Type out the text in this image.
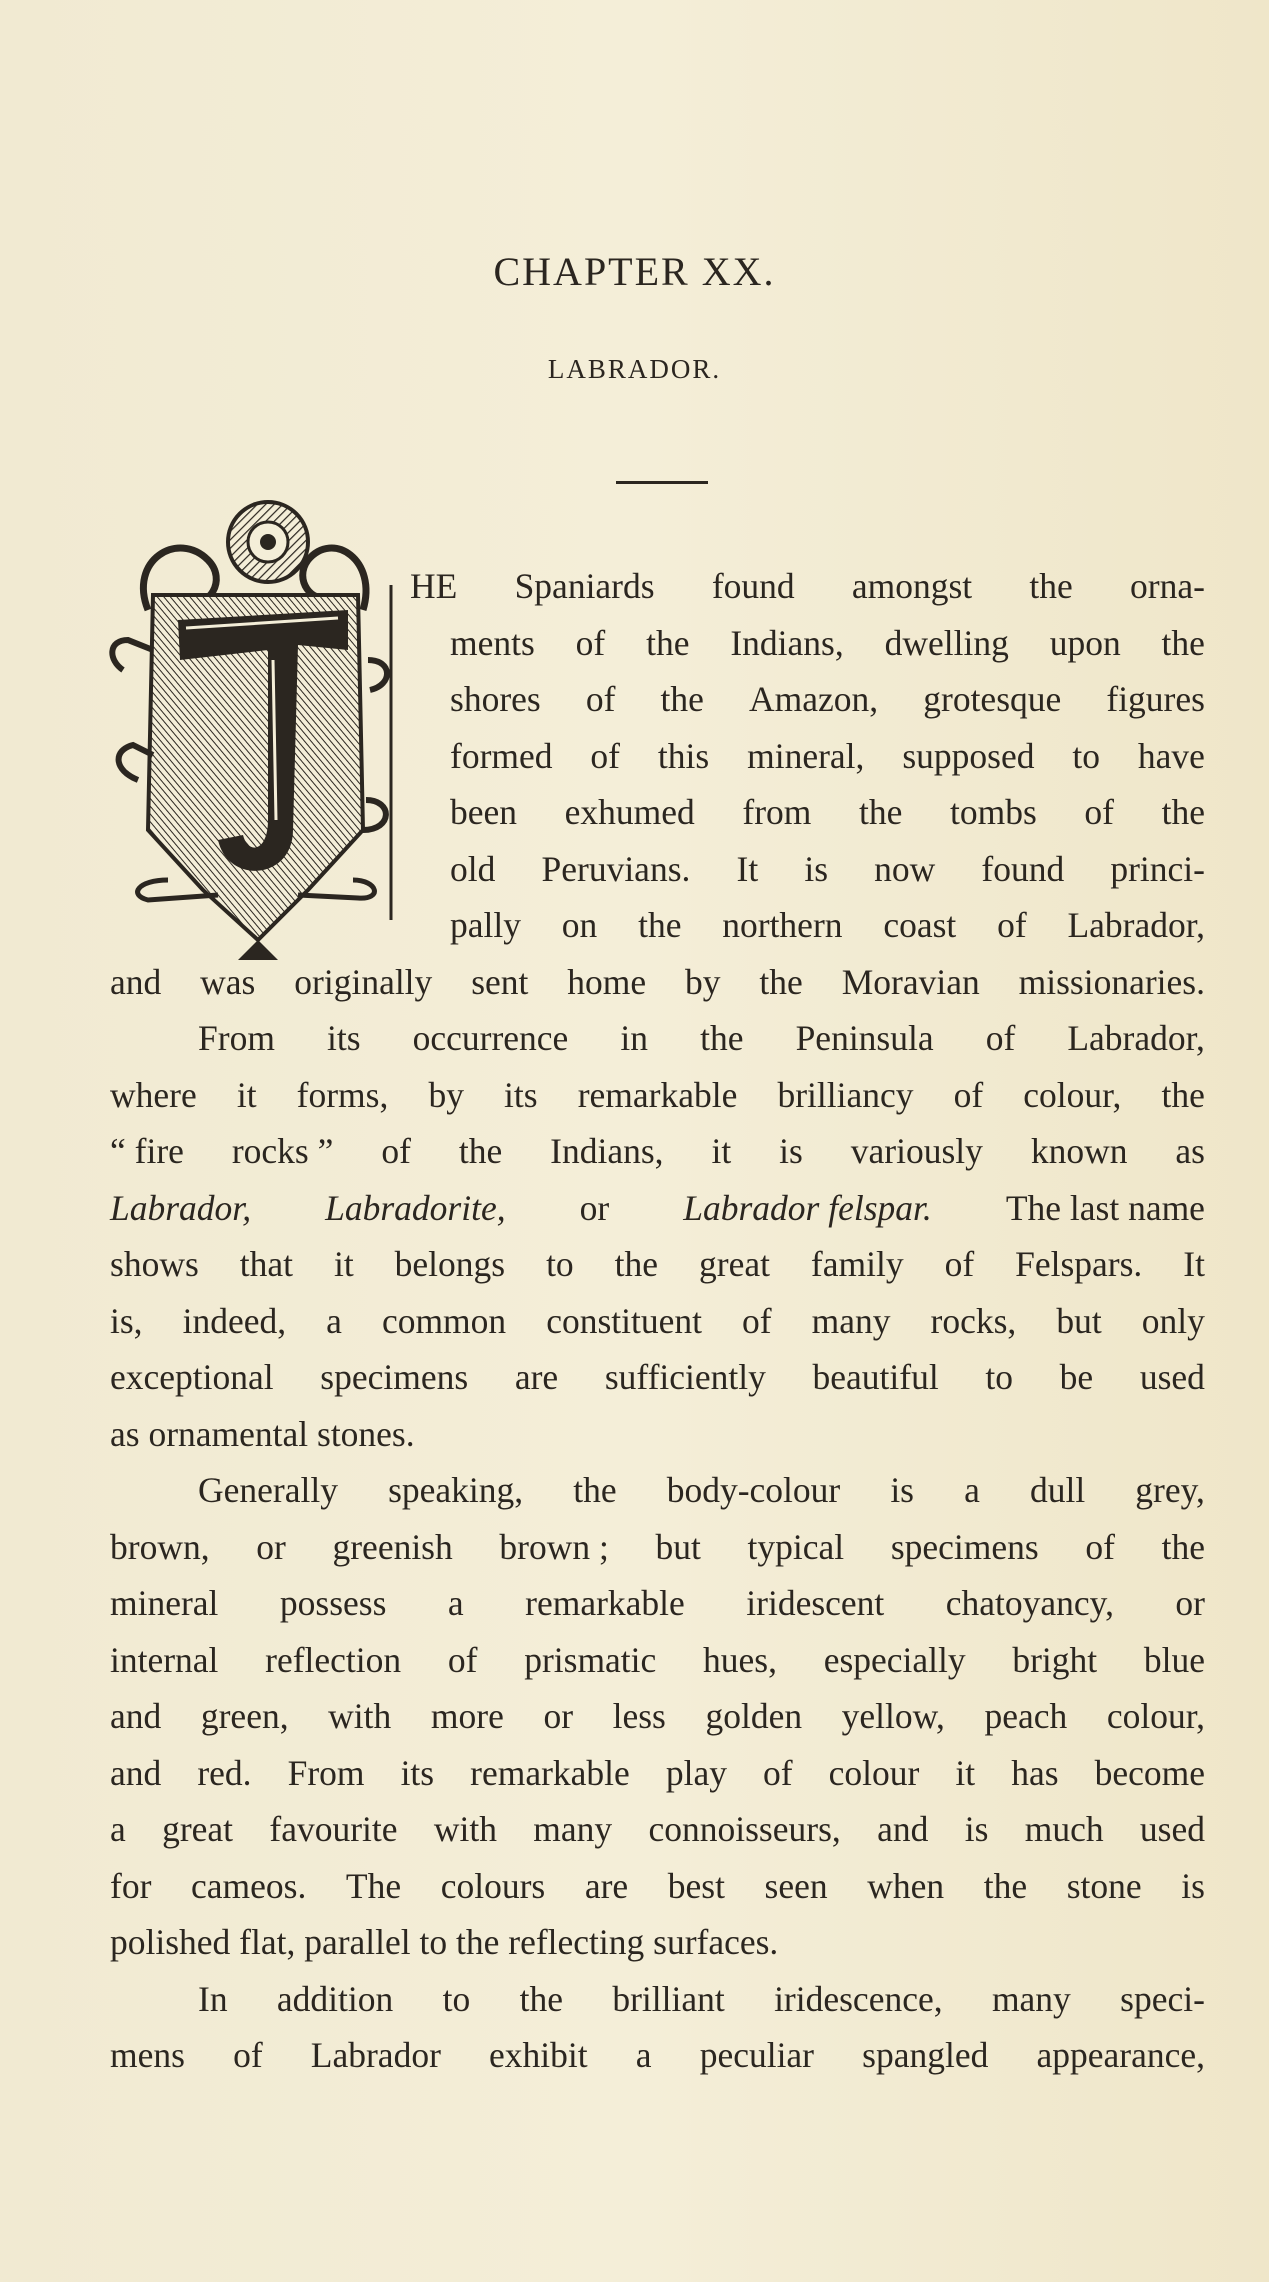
CHAPTER XX.
LABRADOR.
HE Spaniards found amongst the orna-
ments of the Indians, dwelling upon the
shores of the Amazon, grotesque figures
formed of this mineral, supposed to have
been exhumed from the tombs of the
old Peruvians. It is now found princi-
pally on the northern coast of Labrador,
and was originally sent home by the Moravian missionaries.
From its occurrence in the Peninsula of Labrador,
where it forms, by its remarkable brilliancy of colour, the
“ fire rocks ” of the Indians, it is variously known as
Labrador, Labradorite, or Labrador felspar. The last name
shows that it belongs to the great family of Felspars. It
is, indeed, a common constituent of many rocks, but only
exceptional specimens are sufficiently beautiful to be used
as ornamental stones.
Generally speaking, the body-colour is a dull grey,
brown, or greenish brown ; but typical specimens of the
mineral possess a remarkable iridescent chatoyancy, or
internal reflection of prismatic hues, especially bright blue
and green, with more or less golden yellow, peach colour,
and red. From its remarkable play of colour it has become
a great favourite with many connoisseurs, and is much used
for cameos. The colours are best seen when the stone is
polished flat, parallel to the reflecting surfaces.
In addition to the brilliant iridescence, many speci-
mens of Labrador exhibit a peculiar spangled appearance,
